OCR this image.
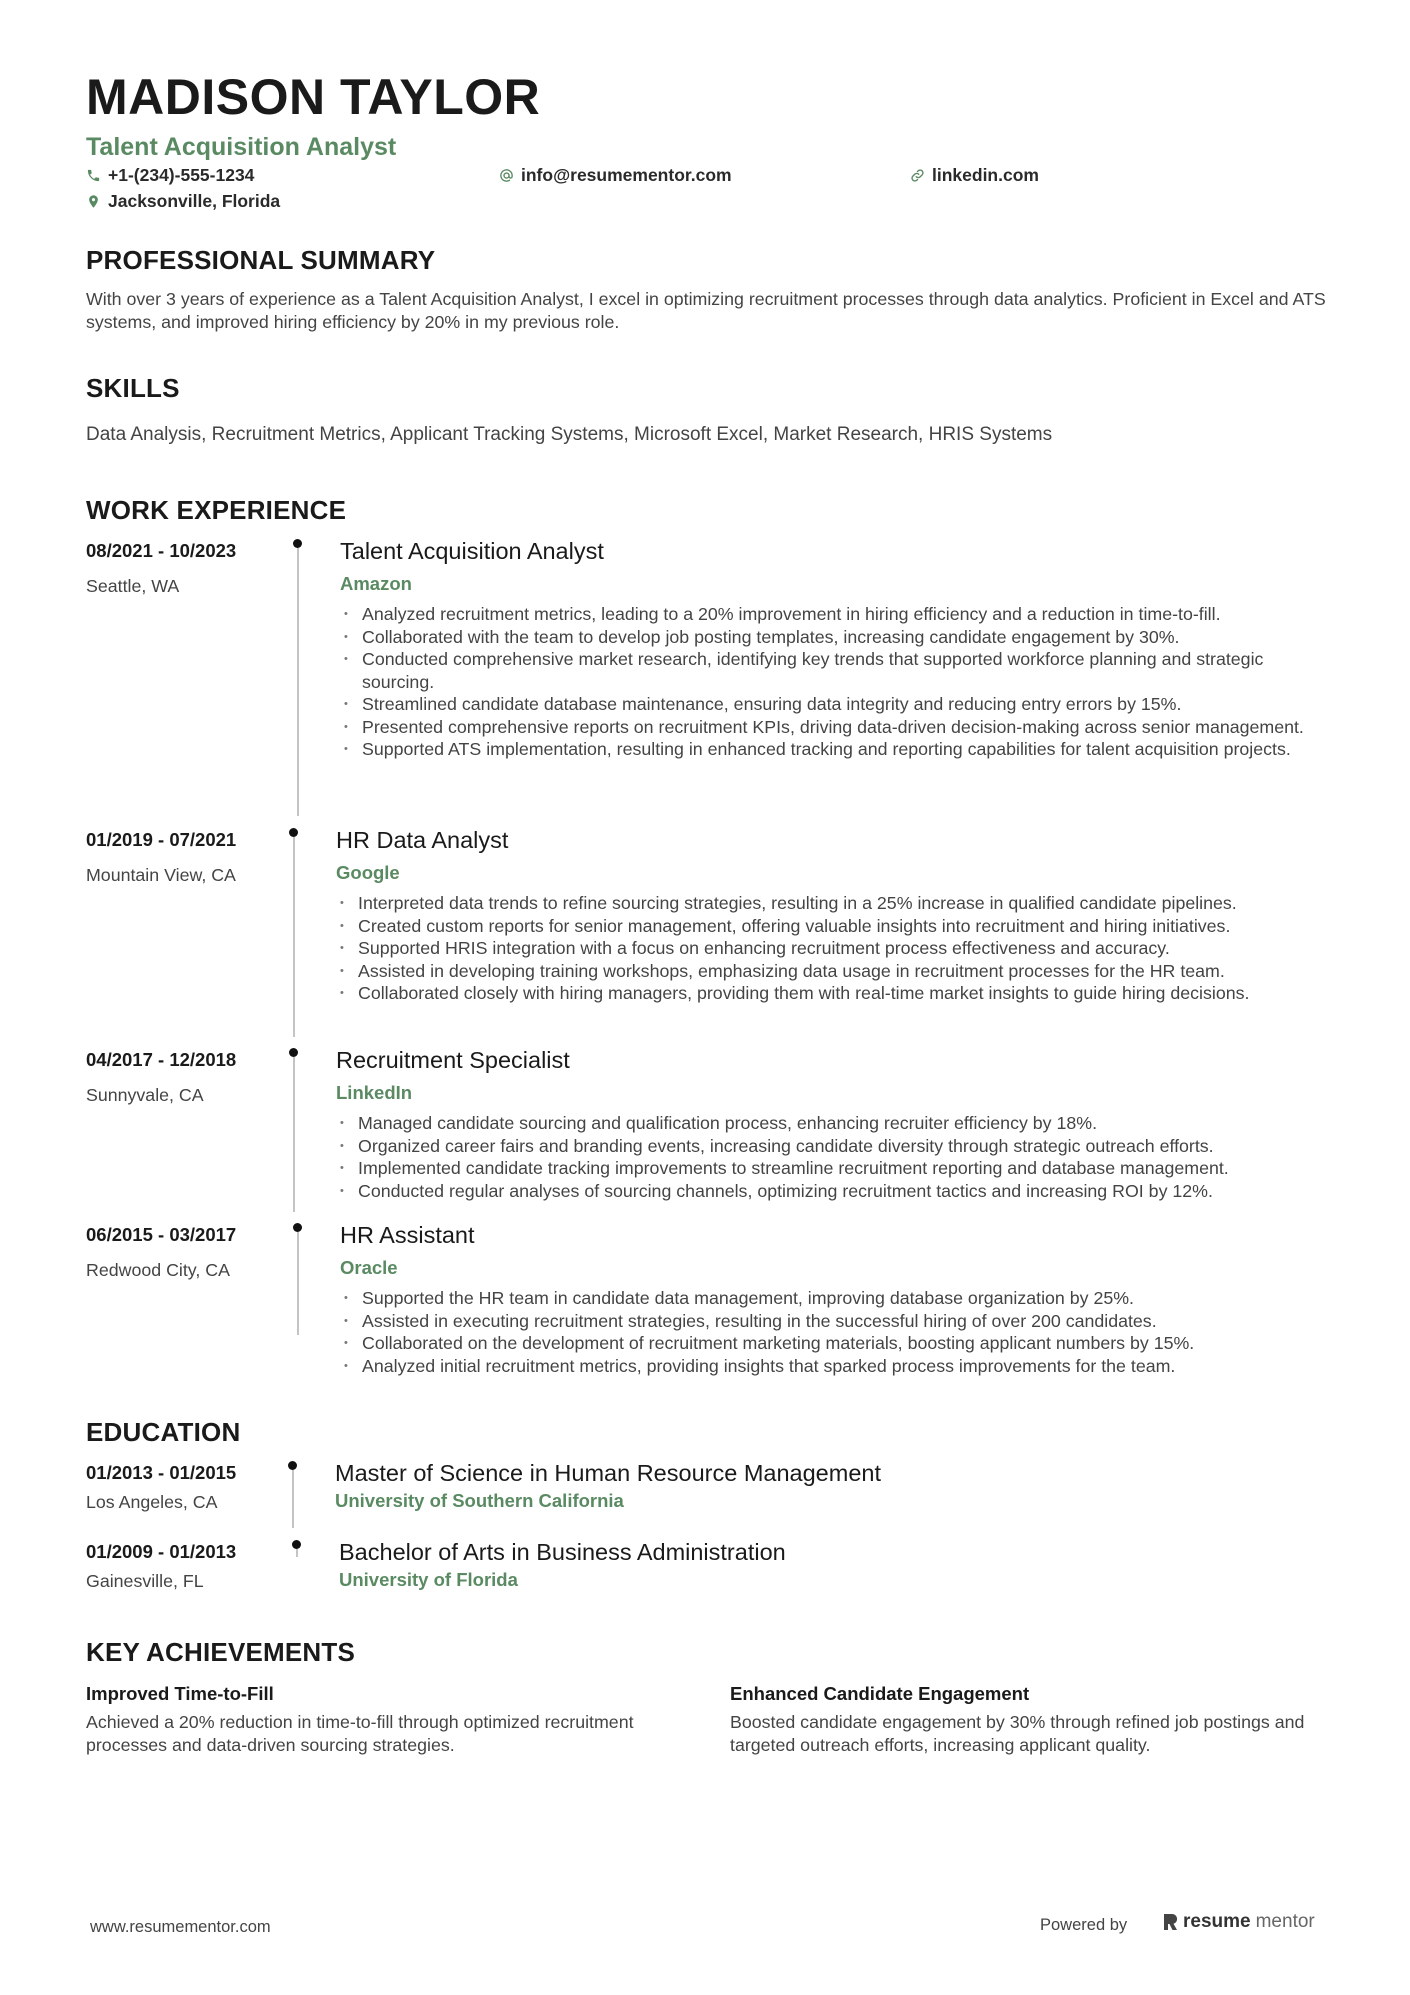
MADISON TAYLOR
Talent Acquisition Analyst
+1-(234)-555-1234	info@resumementor.com	linkedin.com
Jacksonville, Florida
PROFESSIONAL SUMMARY
With over 3 years of experience as a Talent Acquisition Analyst, I excel in optimizing recruitment processes through data analytics. Proficient in Excel and ATS systems, and improved hiring efficiency by 20% in my previous role.
SKILLS
Data Analysis, Recruitment Metrics, Applicant Tracking Systems, Microsoft Excel, Market Research, HRIS Systems
WORK EXPERIENCE
08/2021 - 10/2023
Seattle, WA
Talent Acquisition Analyst
Amazon
• Analyzed recruitment metrics, leading to a 20% improvement in hiring efficiency and a reduction in time-to-fill.
• Collaborated with the team to develop job posting templates, increasing candidate engagement by 30%.
• Conducted comprehensive market research, identifying key trends that supported workforce planning and strategic sourcing.
• Streamlined candidate database maintenance, ensuring data integrity and reducing entry errors by 15%.
• Presented comprehensive reports on recruitment KPIs, driving data-driven decision-making across senior management.
• Supported ATS implementation, resulting in enhanced tracking and reporting capabilities for talent acquisition projects.
01/2019 - 07/2021
Mountain View, CA
HR Data Analyst
Google
• Interpreted data trends to refine sourcing strategies, resulting in a 25% increase in qualified candidate pipelines.
• Created custom reports for senior management, offering valuable insights into recruitment and hiring initiatives.
• Supported HRIS integration with a focus on enhancing recruitment process effectiveness and accuracy.
• Assisted in developing training workshops, emphasizing data usage in recruitment processes for the HR team.
• Collaborated closely with hiring managers, providing them with real-time market insights to guide hiring decisions.
04/2017 - 12/2018
Sunnyvale, CA
Recruitment Specialist
LinkedIn
• Managed candidate sourcing and qualification process, enhancing recruiter efficiency by 18%.
• Organized career fairs and branding events, increasing candidate diversity through strategic outreach efforts.
• Implemented candidate tracking improvements to streamline recruitment reporting and database management.
• Conducted regular analyses of sourcing channels, optimizing recruitment tactics and increasing ROI by 12%.
06/2015 - 03/2017
Redwood City, CA
HR Assistant
Oracle
• Supported the HR team in candidate data management, improving database organization by 25%.
• Assisted in executing recruitment strategies, resulting in the successful hiring of over 200 candidates.
• Collaborated on the development of recruitment marketing materials, boosting applicant numbers by 15%.
• Analyzed initial recruitment metrics, providing insights that sparked process improvements for the team.
EDUCATION
01/2013 - 01/2015
Los Angeles, CA
Master of Science in Human Resource Management
University of Southern California
01/2009 - 01/2013
Gainesville, FL
Bachelor of Arts in Business Administration
University of Florida
KEY ACHIEVEMENTS
Improved Time-to-Fill
Achieved a 20% reduction in time-to-fill through optimized recruitment processes and data-driven sourcing strategies.
Enhanced Candidate Engagement
Boosted candidate engagement by 30% through refined job postings and targeted outreach efforts, increasing applicant quality.
www.resumementor.com	Powered by	resume mentor
